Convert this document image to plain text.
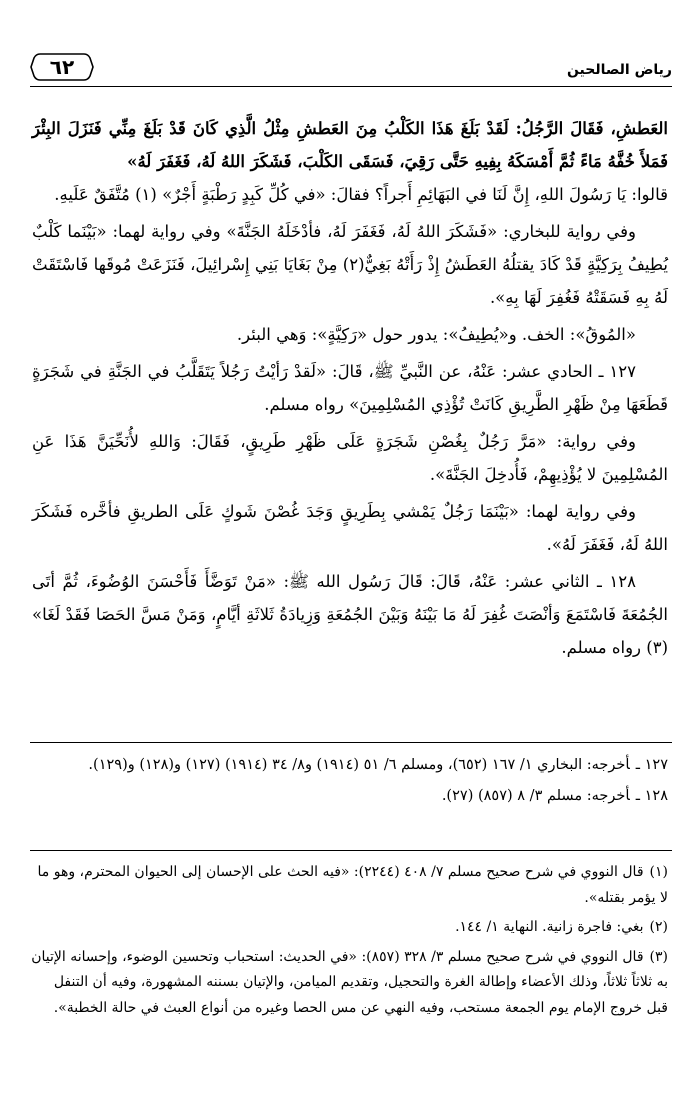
رياض الصالحين
٦٢

العَطشِ، فَقَالَ الرَّجُلُ: لَقَدْ بَلَغَ هَذَا الكَلْبُ مِنَ العَطشِ مِثْلُ الَّذِي كَانَ قَدْ بَلَغَ مِنِّي فَنَزَلَ البِئْرَ فَمَلأَ خُفَّهُ مَاءً ثُمَّ أَمْسَكَهُ بِفِيهِ حَتَّى رَقِيَ، فَسَقَى الكَلْبَ، فَشَكَرَ اللهُ لَهُ، فَغَفَرَ لَهُ»

قالوا: يَا رَسُولَ اللهِ، إِنَّ لَنَا في البَهَائِمِ أَجراً؟ فقالَ: «في كُلِّ كَبِدٍ رَطْبَةٍ أَجْرٌ» (١) مُتَّفَقٌ عَلَيهِ.

وفي رواية للبخاري: «فَشَكَرَ اللهُ لَهُ، فَغَفَرَ لَهُ، فأدْخَلَهُ الجَنَّةَ» وفي رواية لهما: «بَيْنَما كَلْبٌ يُطِيفُ بِرَكِيَّةٍ قَدْ كَادَ يقتلُهُ العَطَشُ إِذْ رَأَتْهُ بَغِيٌّ(٢) مِنْ بَغَايَا بَنِي إِسْرائِيلَ، فَنَزَعَتْ مُوقَها فَاسْتَقَتْ لَهُ بِهِ فَسَقَتْهُ فَغُفِرَ لَهَا بِهِ».

«المُوقُ»: الخف. و«يُطِيفُ»: يدور حول «رَكِيَّةٍ»: وَهي البئر.

١٢٧ ـ الحادي عشر: عَنْهُ، عن النَّبيِّ ﷺ، قَالَ: «لَقدْ رَأيْتُ رَجُلاً يَتَقَلَّبُ في الجَنَّةِ في شَجَرَةٍ قَطَعَهَا مِنْ ظَهْرِ الطَّرِيقِ كَانَتْ تُؤْذِي المُسْلِمِينَ» رواه مسلم.

وفي رواية: «مَرَّ رَجُلٌ بِغُصْنِ شَجَرَةٍ عَلَى ظَهْرِ طَرِيقٍ، فَقَالَ: وَاللهِ لأُنَحِّيَنَّ هَذَا عَنِ المُسْلِمِينَ لا يُؤْذِيهِمْ، فَأُدخِلَ الجَنَّةَ».

وفي رواية لهما: «بَيْنَمَا رَجُلٌ يَمْشي بِطَرِيقٍ وَجَدَ غُصْنَ شَوكٍ عَلَى الطريقِ فأخَّره فَشَكَرَ اللهُ لَهُ، فَغَفَرَ لَهُ».

١٢٨ ـ الثاني عشر: عَنْهُ، قَالَ: قَالَ رَسُول الله ﷺ: «مَنْ تَوَضَّأَ فَأَحْسَنَ الوُضُوءَ، ثُمَّ أتَى الجُمُعَةَ فَاسْتَمَعَ وَأنْصَتَ غُفِرَ لَهُ مَا بَيْنَهُ وَبَيْنَ الجُمُعَةِ وَزِيادَةُ ثَلاثَةِ أيَّامٍ، وَمَنْ مَسَّ الحَصَا فَقَدْ لَغَا» (٣) رواه مسلم.

١٢٧ ـأخرجه: البخاري ١/ ١٦٧ (٦٥٢)، ومسلم ٦/ ٥١ (١٩١٤) و٨/ ٣٤ (١٩١٤) (١٢٧) و(١٢٨) و(١٢٩).

١٢٨ ـأخرجه: مسلم ٣/ ٨ (٨٥٧) (٢٧).

(١)قال النووي في شرح صحيح مسلم ٧/ ٤٠٨ (٢٢٤٤): «فيه الحث على الإحسان إلى الحيوان المحترم، وهو ما لا يؤمر بقتله».

(٢)بغي: فاجرة زانية. النهاية ١/ ١٤٤.

(٣)قال النووي في شرح صحيح مسلم ٣/ ٣٢٨ (٨٥٧): «في الحديث: استحباب وتحسين الوضوء، وإحسانه الإتيان به ثلاثاً ثلاثاً، وذلك الأعضاء وإطالة الغرة والتحجيل، وتقديم الميامن، والإتيان بسننه المشهورة، وفيه أن التنفل قبل خروج الإمام يوم الجمعة مستحب، وفيه النهي عن مس الحصا وغيره من أنواع العبث في حالة الخطبة».
